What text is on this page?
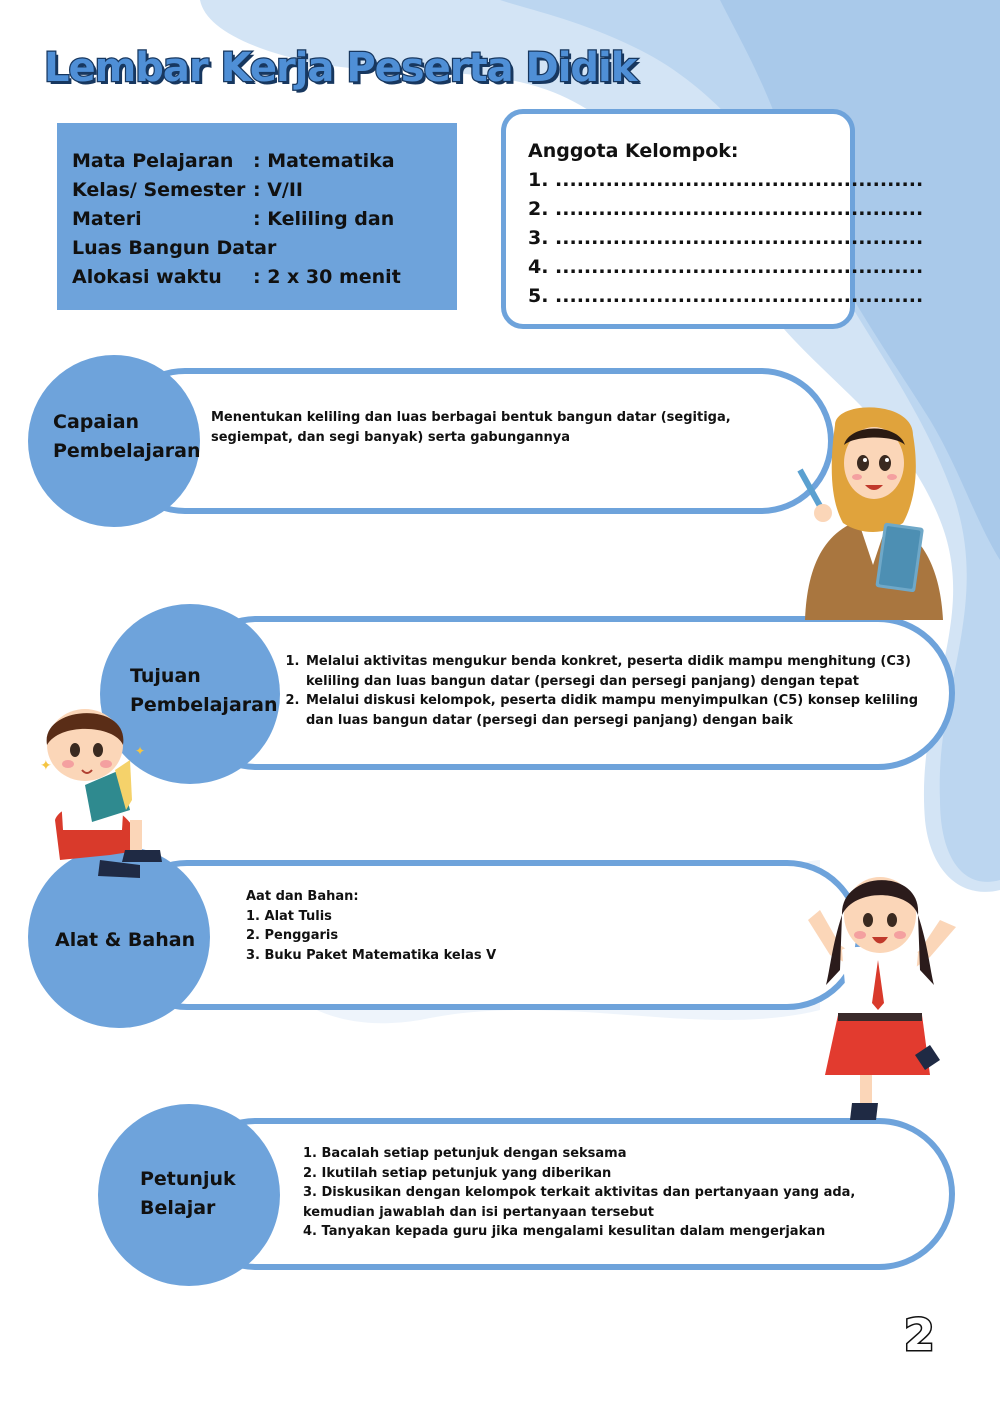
Lembar Kerja Peserta Didik
Mata Pelajaran : Matematika
Kelas/ Semester : V/II
Materi	: Keliling dan
Luas Bangun Datar
Alokasi waktu : 2 x 30 menit
Anggota Kelompok:
1. ...................................................
2. ...................................................
3. ...................................................
4. ...................................................
5. ...................................................
Capaian
Pembelajaran
Menentukan keliling dan luas berbagai bentuk bangun datar (segitiga, segiempat, dan segi banyak) serta gabungannya
Tujuan
Pembelajaran
1. Melalui aktivitas mengukur benda konkret, peserta didik mampu menghitung (C3) keliling dan luas bangun datar (persegi dan persegi panjang) dengan tepat
2. Melalui diskusi kelompok, peserta didik mampu menyimpulkan (C5) konsep keliling dan luas bangun datar (persegi dan persegi panjang) dengan baik
Alat & Bahan
Aat dan Bahan:
1. Alat Tulis
2. Penggaris
3. Buku Paket Matematika kelas V
Petunjuk
Belajar
1. Bacalah setiap petunjuk dengan seksama
2. Ikutilah setiap petunjuk yang diberikan
3. Diskusikan dengan kelompok terkait aktivitas dan pertanyaan yang ada, kemudian jawablah dan isi pertanyaan tersebut
4. Tanyakan kepada guru jika mengalami kesulitan dalam mengerjakan
✦
✦
2
